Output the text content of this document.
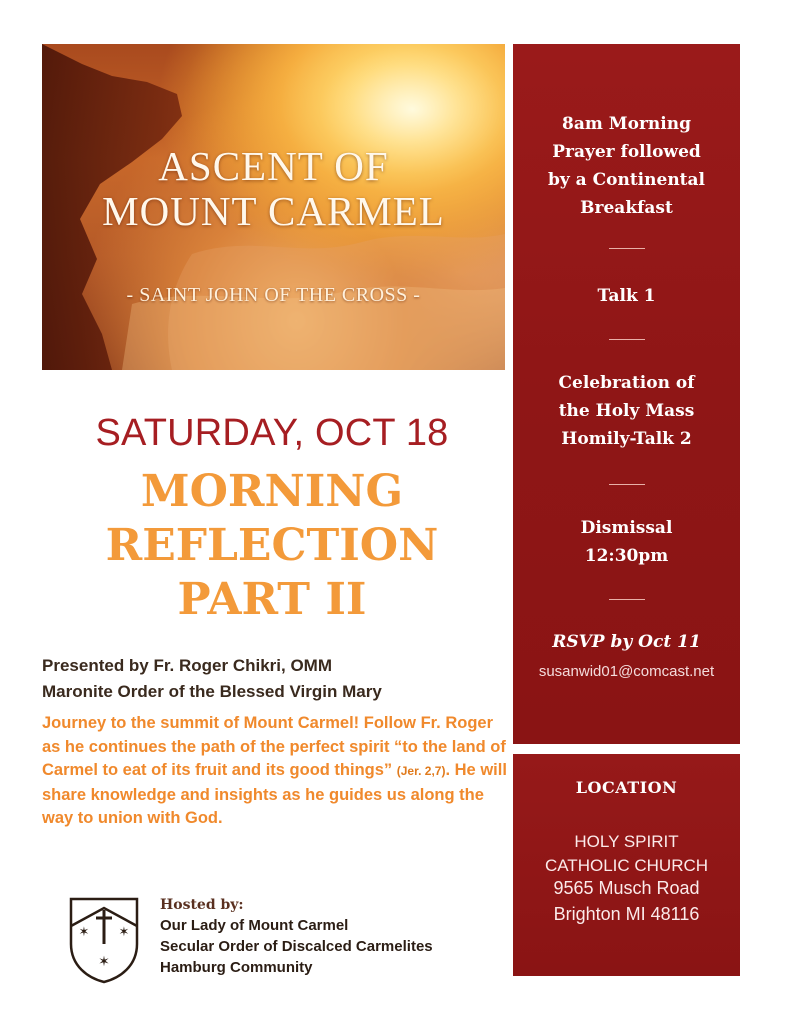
ASCENT OF
MOUNT CARMEL
- SAINT JOHN OF THE CROSS -
8am Morning
Prayer followed
by a Continental
Breakfast
Talk 1
Celebration of
the Holy Mass
Homily-Talk 2
Dismissal
12:30pm
RSVP by Oct 11
susanwid01@comcast.net
LOCATION
HOLY SPIRIT
CATHOLIC CHURCH
9565 Musch Road
Brighton MI 48116
SATURDAY, OCT 18
MORNING
REFLECTION
PART II
Presented by Fr. Roger Chikri, OMM
Maronite Order of the Blessed Virgin Mary
Journey to the summit of Mount Carmel! Follow Fr. Roger as he continues the path of the perfect spirit “to the land of Carmel to eat of its fruit and its good things” (Jer. 2,7). He will share knowledge and insights as he guides us along the way to union with God.
✶ ✶
✶
Hosted by:
Our Lady of Mount Carmel
Secular Order of Discalced Carmelites
Hamburg Community
